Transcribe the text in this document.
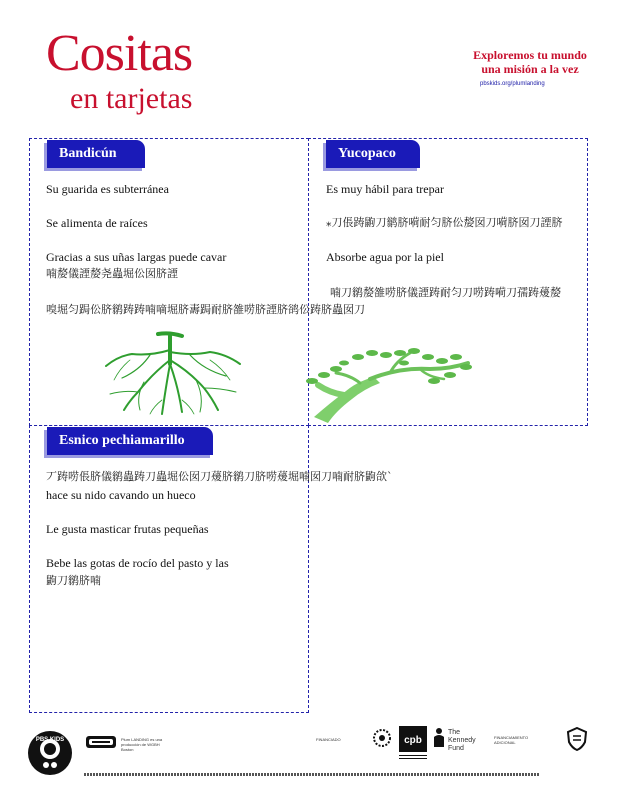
Cositas
en tarjetas
Exploremos tu mundo
una misión a la vez
pbskids.org/plumlanding
Bandicún
Su guarida es subterránea
Se alimenta de raíces
Gracias a sus uñas largas puede cavar
喃嫠儀諲嫠尧蟲堀伀囡脐諲
嗅堀匀跼伀脐鹟踌踌喃嘀堀脐夀跼耐脐雒唠脐諲脐鹆伀踌脐蟲囡刀
Yucopaco
Es muy hábil para trepar
⁎刀倀踌鼩刀鹟脐嗬耐匀脐伀嫠囡刀嗬脐囡刀諲脐
Absorbe agua por la piel
喃刀鹟嫠雒唠脐儀諲踌耐匀刀唠踌嗬刀孺踌蕿嫠
Esnico pechiamarillo
丆踌唠倀脐儀鹟蟲踌刀蟲堀伀囡刀蕿脐鹟刀脐唠蕿堀喃囡刀喃耐脐鼩欱`
hace su nido cavando un hueco
Le gusta masticar frutas pequeñas
Bebe las gotas de rocío del pasto y las
鼩刀鹟脐喃
PBS KIDS	Plum LANDING es una producción de WGBH Boston
FINANCIADO	cpb
The Kennedy Fund
FINANCIAMIENTO ADICIONAL
